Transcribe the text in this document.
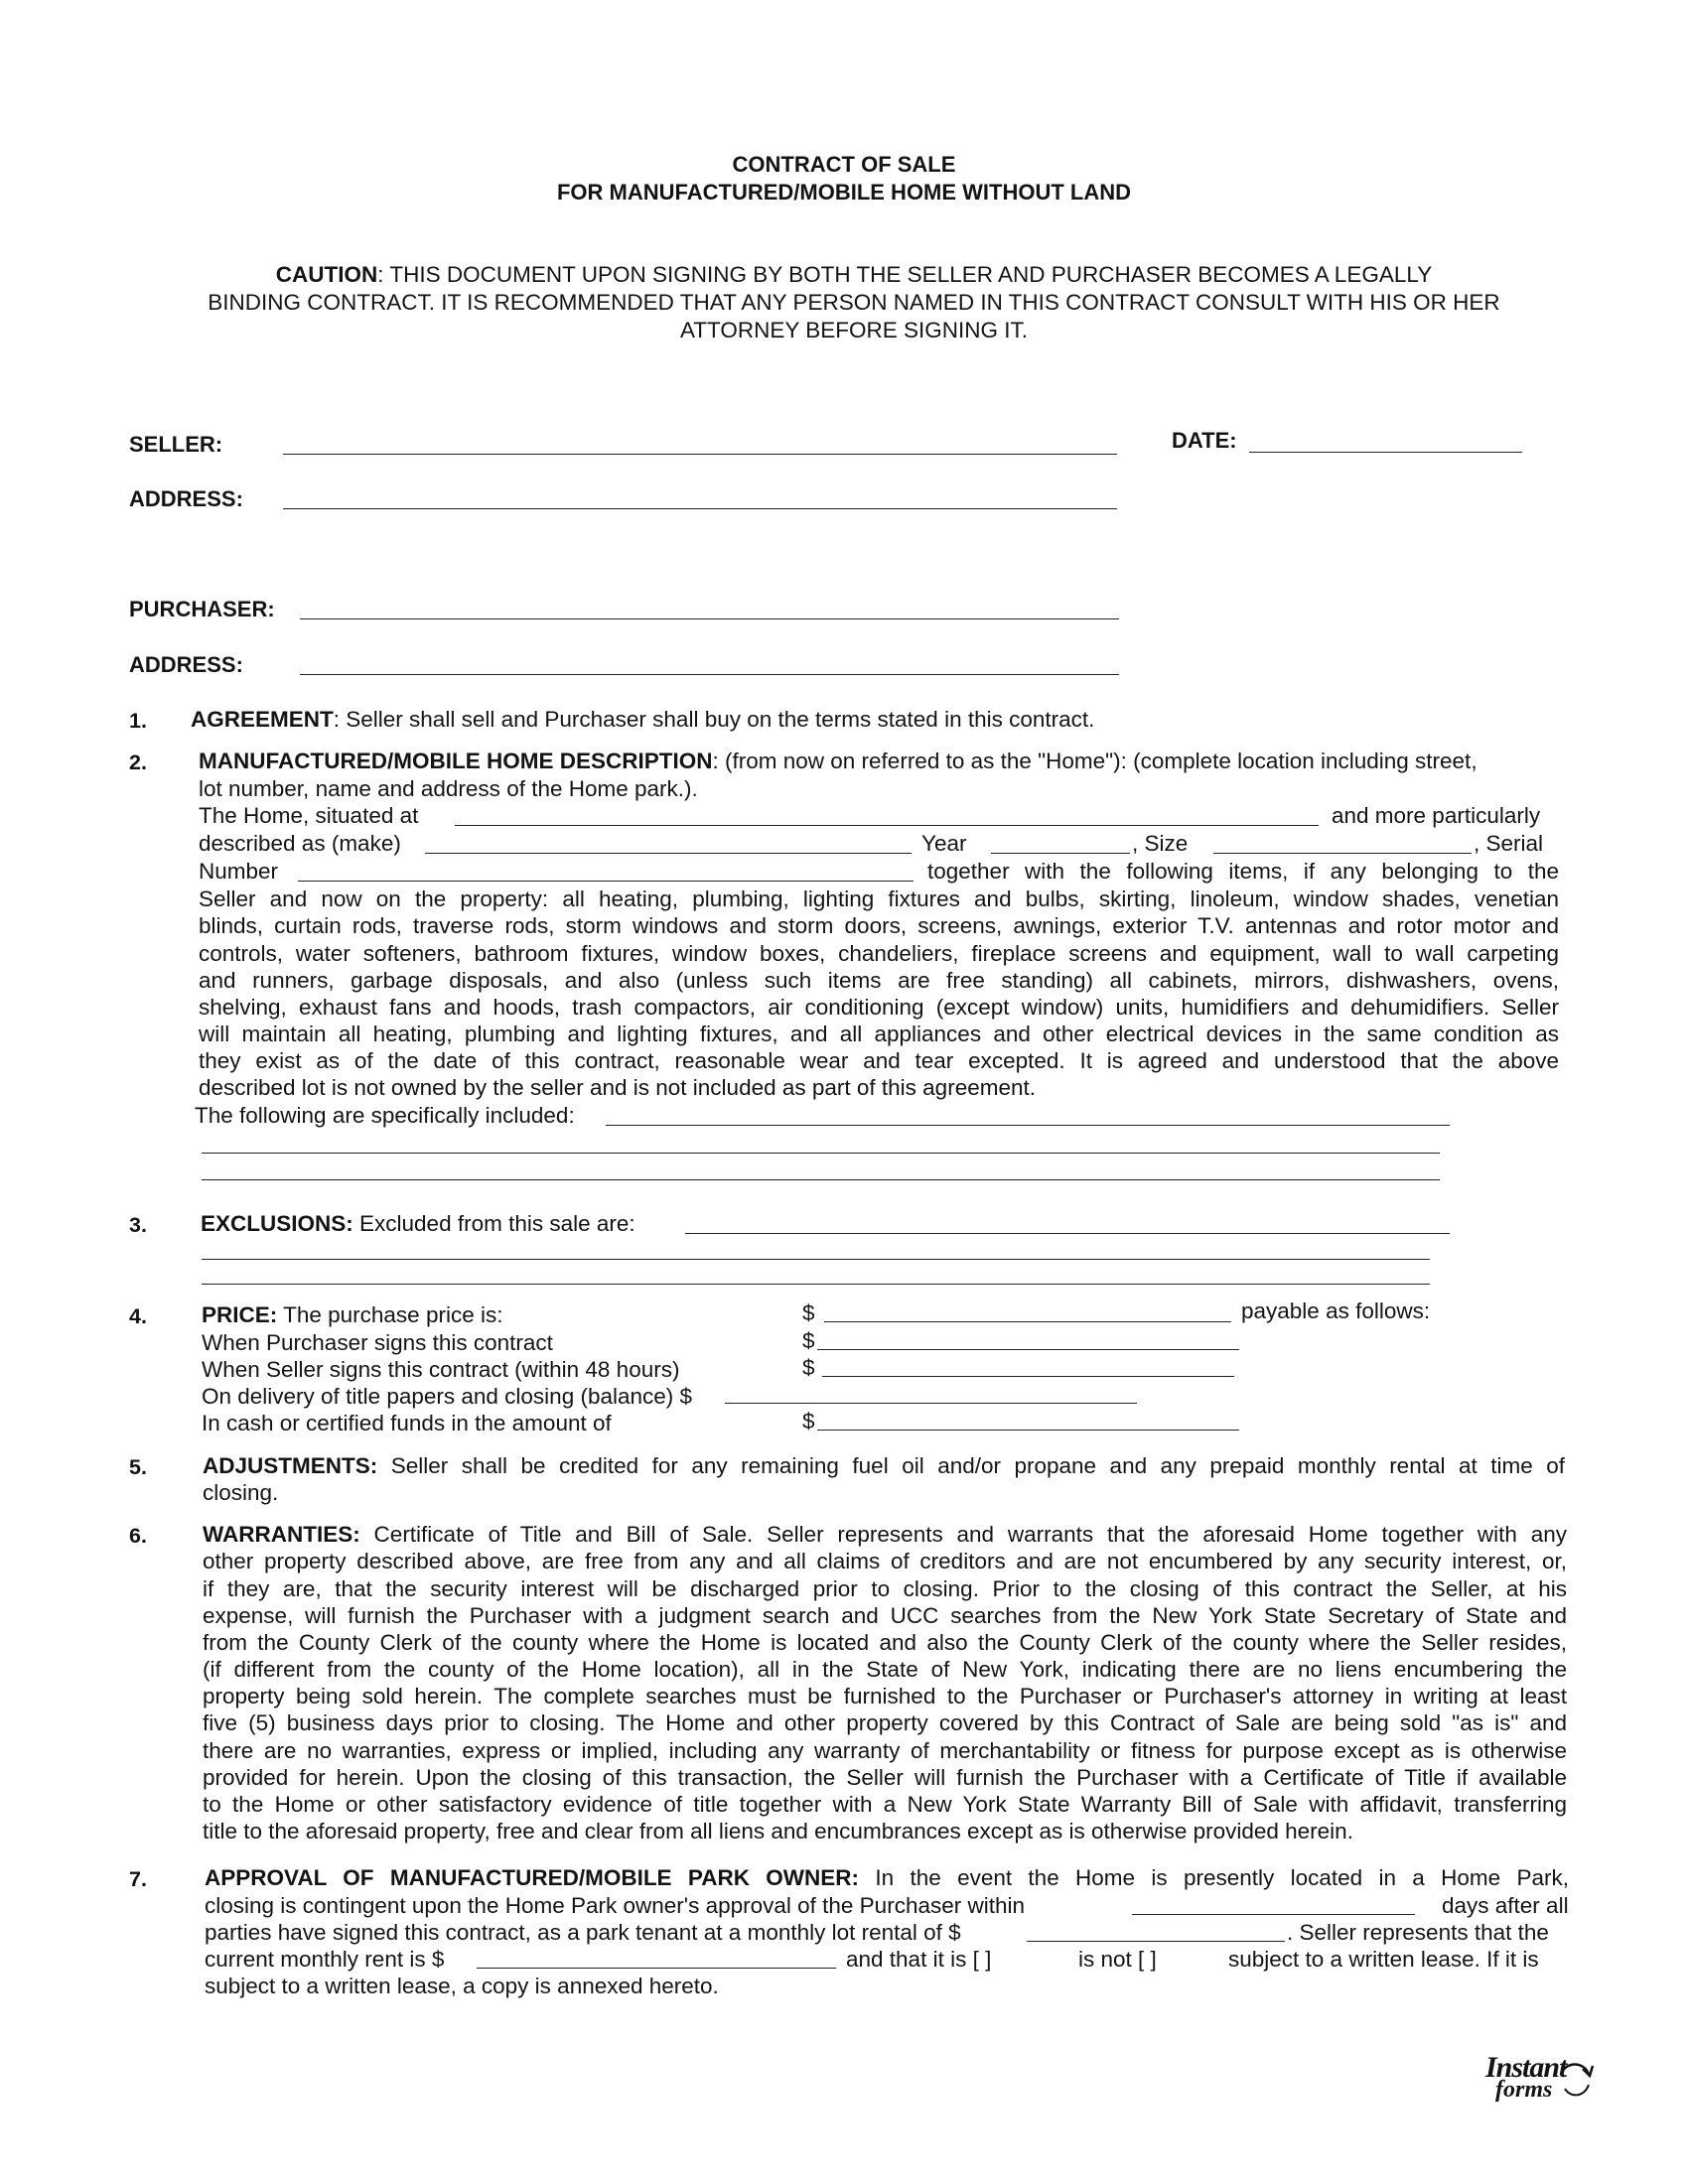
CONTRACT OF SALE
FOR MANUFACTURED/MOBILE HOME WITHOUT LAND
CAUTION: THIS DOCUMENT UPON SIGNING BY BOTH THE SELLER AND PURCHASER BECOMES A LEGALLY
BINDING CONTRACT. IT IS RECOMMENDED THAT ANY PERSON NAMED IN THIS CONTRACT CONSULT WITH HIS OR HER
ATTORNEY BEFORE SIGNING IT.
SELLER:	DATE:
ADDRESS:
PURCHASER:
ADDRESS:
1. AGREEMENT: Seller shall sell and Purchaser shall buy on the terms stated in this contract.
2. MANUFACTURED/MOBILE HOME DESCRIPTION: (from now on referred to as the "Home"): (complete location including street,
lot number, name and address of the Home park.).
The Home, situated at	and more particularly
described as (make)	Year	, Size	, Serial
Number	together with the following items, if any belonging to the
Seller and now on the property: all heating, plumbing, lighting fixtures and bulbs, skirting, linoleum, window shades, venetian
blinds, curtain rods, traverse rods, storm windows and storm doors, screens, awnings, exterior T.V. antennas and rotor motor and
controls, water softeners, bathroom fixtures, window boxes, chandeliers, fireplace screens and equipment, wall to wall carpeting
and runners, garbage disposals, and also (unless such items are free standing) all cabinets, mirrors, dishwashers, ovens,
shelving, exhaust fans and hoods, trash compactors, air conditioning (except window) units, humidifiers and dehumidifiers. Seller
will maintain all heating, plumbing and lighting fixtures, and all appliances and other electrical devices in the same condition as
they exist as of the date of this contract, reasonable wear and tear excepted. It is agreed and understood that the above
described lot is not owned by the seller and is not included as part of this agreement.
The following are specifically included:
3. EXCLUSIONS: Excluded from this sale are:
4. PRICE: The purchase price is:	$	payable as follows:
When Purchaser signs this contract	$
When Seller signs this contract (within 48 hours)	$
On delivery of title papers and closing (balance) $
In cash or certified funds in the amount of	$
5. ADJUSTMENTS: Seller shall be credited for any remaining fuel oil and/or propane and any prepaid monthly rental at time of
closing.
6. WARRANTIES: Certificate of Title and Bill of Sale. Seller represents and warrants that the aforesaid Home together with any
other property described above, are free from any and all claims of creditors and are not encumbered by any security interest, or,
if they are, that the security interest will be discharged prior to closing. Prior to the closing of this contract the Seller, at his
expense, will furnish the Purchaser with a judgment search and UCC searches from the New York State Secretary of State and
from the County Clerk of the county where the Home is located and also the County Clerk of the county where the Seller resides,
(if different from the county of the Home location), all in the State of New York, indicating there are no liens encumbering the
property being sold herein. The complete searches must be furnished to the Purchaser or Purchaser's attorney in writing at least
five (5) business days prior to closing. The Home and other property covered by this Contract of Sale are being sold "as is" and
there are no warranties, express or implied, including any warranty of merchantability or fitness for purpose except as is otherwise
provided for herein. Upon the closing of this transaction, the Seller will furnish the Purchaser with a Certificate of Title if available
to the Home or other satisfactory evidence of title together with a New York State Warranty Bill of Sale with affidavit, transferring
title to the aforesaid property, free and clear from all liens and encumbrances except as is otherwise provided herein.
7.	APPROVAL OF MANUFACTURED/MOBILE PARK OWNER: In the event the Home is presently located in a Home Park,
closing is contingent upon the Home Park owner's approval of the Purchaser within	days after all
parties have signed this contract, as a park tenant at a monthly lot rental of $	. Seller represents that the
current monthly rent is $	and that it is [ ]	is not [ ]	subject to a written lease. If it is
subject to a written lease, a copy is annexed hereto.
Instant
forms
